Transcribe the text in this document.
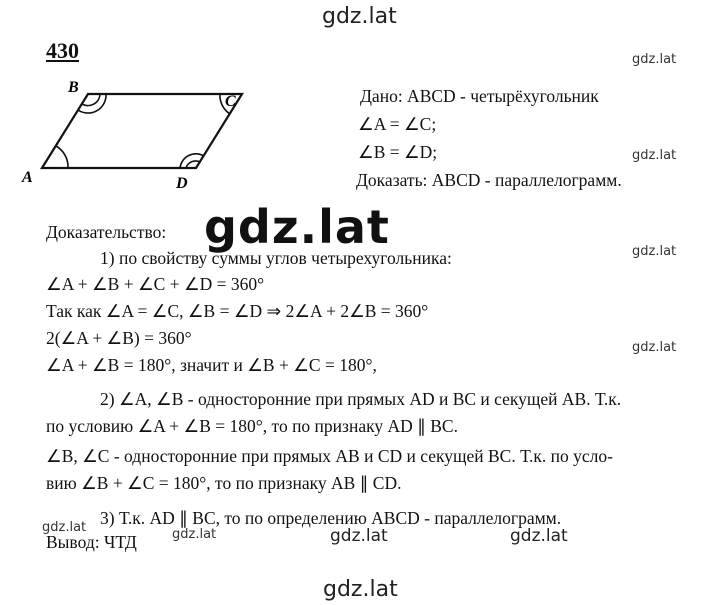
gdz.lat
gdz.lat
gdz.lat
gdz.lat
gdz.lat
gdz.lat
gdz.lat	gdz.lat	gdz.lat	gdz.lat
gdz.lat
430
A
B
C
D
Дано: ABCD - четырёхугольник
∠A = ∠C;
∠B = ∠D;
Доказать: ABCD - параллелограмм.
Доказательство:
1) по свойству суммы углов четырехугольника:
∠A + ∠B + ∠C + ∠D = 360°
Так как ∠A = ∠C, ∠B = ∠D ⇒ 2∠A + 2∠B = 360°
2(∠A + ∠B) = 360°
∠A + ∠B = 180°, значит и ∠B + ∠C = 180°,
2) ∠A, ∠B - односторонние при прямых AD и BC и секущей AB. Т.к.
по условию ∠A + ∠B = 180°, то по признаку AD ∥ BC.
∠B, ∠C - односторонние при прямых AB и CD и секущей BC. Т.к. по усло-
вию ∠B + ∠C = 180°, то по признаку AB ∥ CD.
3) Т.к. AD ∥ BC, то по определению ABCD - параллелограмм.
Вывод: ЧТД
